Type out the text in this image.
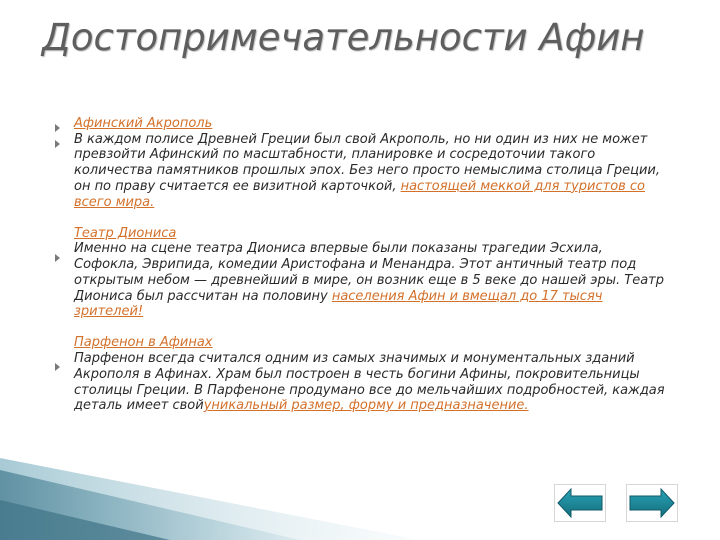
Достопримечательности Афин

Афинский Акрополь

В каждом полисе Древней Греции был свой Акрополь, но ни один из них не может превзойти Афинский по масштабности, планировке и сосредоточии такого количества памятников прошлых эпох. Без него просто немыслима столица Греции, он по праву считается ее визитной карточкой, настоящей меккой для туристов со всего мира.

Театр Диониса

Именно на сцене театра Диониса впервые были показаны трагедии Эсхила, Софокла, Эврипида, комедии Аристофана и Менандра. Этот античный театр под открытым небом — древнейший в мире, он возник еще в 5 веке до нашей эры. Театр Диониса был рассчитан на половину населения Афин и вмещал до 17 тысяч зрителей!

Парфенон в Афинах

Парфенон всегда считался одним из самых значимых и монументальных зданий Акрополя в Афинах. Храм был построен в честь богини Афины, покровительницы столицы Греции. В Парфеноне продумано все до мельчайших подробностей, каждая деталь имеет свойуникальный размер, форму и предназначение.
